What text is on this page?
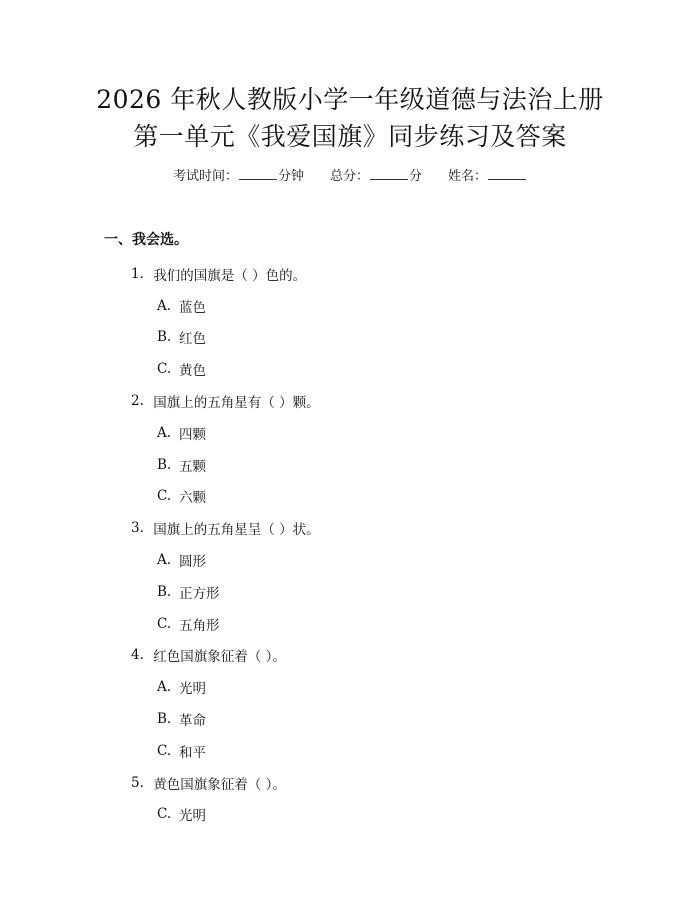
2026 年秋人教版小学一年级道德与法治上册
第一单元《我爱国旗》同步练习及答案
考试时间：	分钟 总分：	分 姓名：
一、我会选。
1.
我们的国旗是（ ）色的。
A. 蓝色
B. 红色
C. 黄色
2.
国旗上的五角星有（ ）颗。
A. 四颗
B. 五颗
C. 六颗
3.
国旗上的五角星呈（ ）状。
A. 圆形
B. 正方形
C. 五角形
4.
红色国旗象征着（ ）。
A. 光明
B. 革命
C. 和平
5.
黄色国旗象征着（ ）。
C. 光明
